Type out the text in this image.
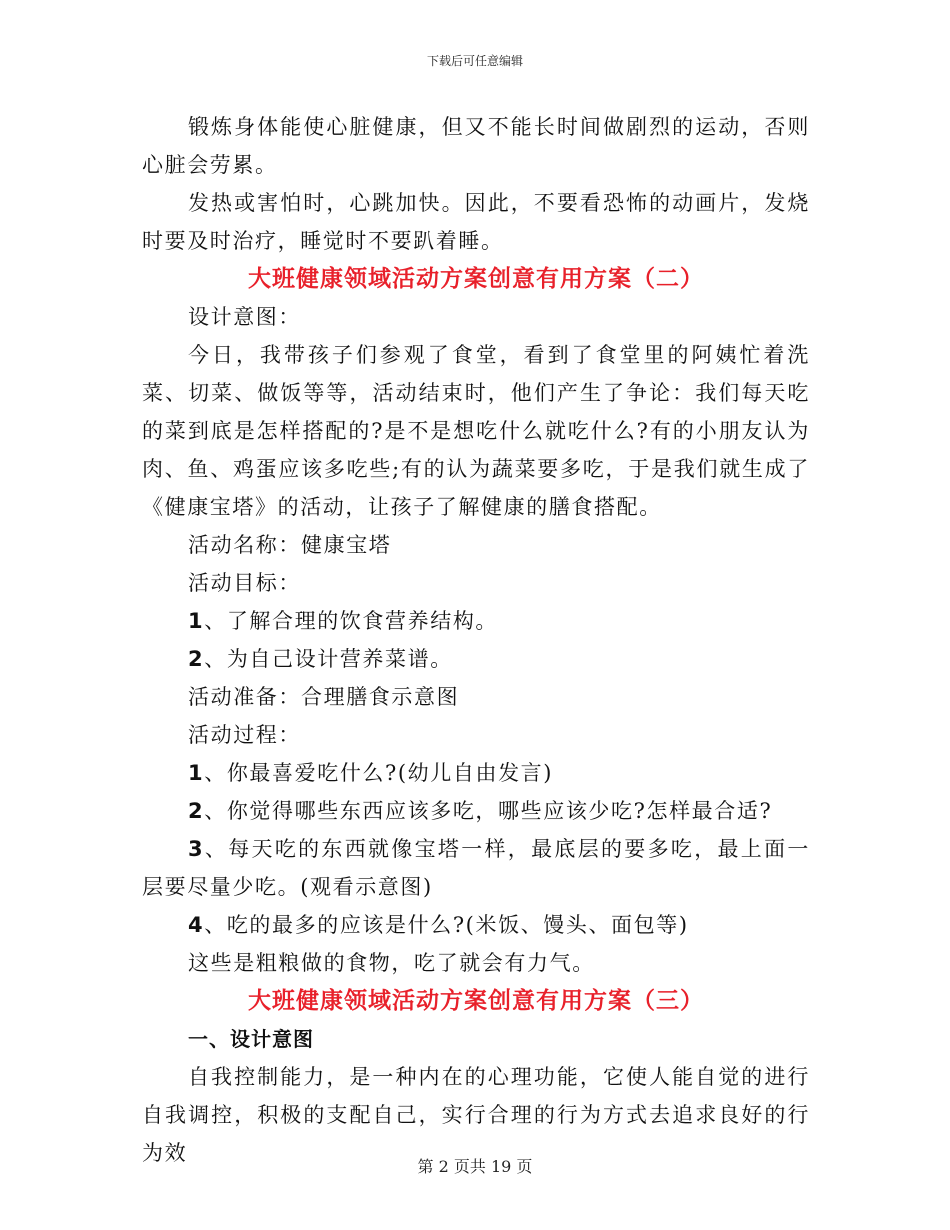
下载后可任意编辑

锻炼身体能使心脏健康，但又不能长时间做剧烈的运动，否则心脏会劳累。

发热或害怕时，心跳加快。因此，不要看恐怖的动画片，发烧时要及时治疗，睡觉时不要趴着睡。

大班健康领域活动方案创意有用方案（二）

设计意图：

今日，我带孩子们参观了食堂，看到了食堂里的阿姨忙着洗菜、切菜、做饭等等，活动结束时，他们产生了争论：我们每天吃的菜到底是怎样搭配的?是不是想吃什么就吃什么?有的小朋友认为肉、鱼、鸡蛋应该多吃些;有的认为蔬菜要多吃，于是我们就生成了《健康宝塔》的活动，让孩子了解健康的膳食搭配。

活动名称：健康宝塔

活动目标：

1、了解合理的饮食营养结构。

2、为自己设计营养菜谱。

活动准备：合理膳食示意图

活动过程：

1、你最喜爱吃什么?(幼儿自由发言)

2、你觉得哪些东西应该多吃，哪些应该少吃?怎样最合适?

3、每天吃的东西就像宝塔一样，最底层的要多吃，最上面一层要尽量少吃。(观看示意图)

4、吃的最多的应该是什么?(米饭、馒头、面包等)

这些是粗粮做的食物，吃了就会有力气。

大班健康领域活动方案创意有用方案（三）

一、设计意图

自我控制能力，是一种内在的心理功能，它使人能自觉的进行自我调控，积极的支配自己，实行合理的行为方式去追求良好的行为效

第 2 页共 19 页
